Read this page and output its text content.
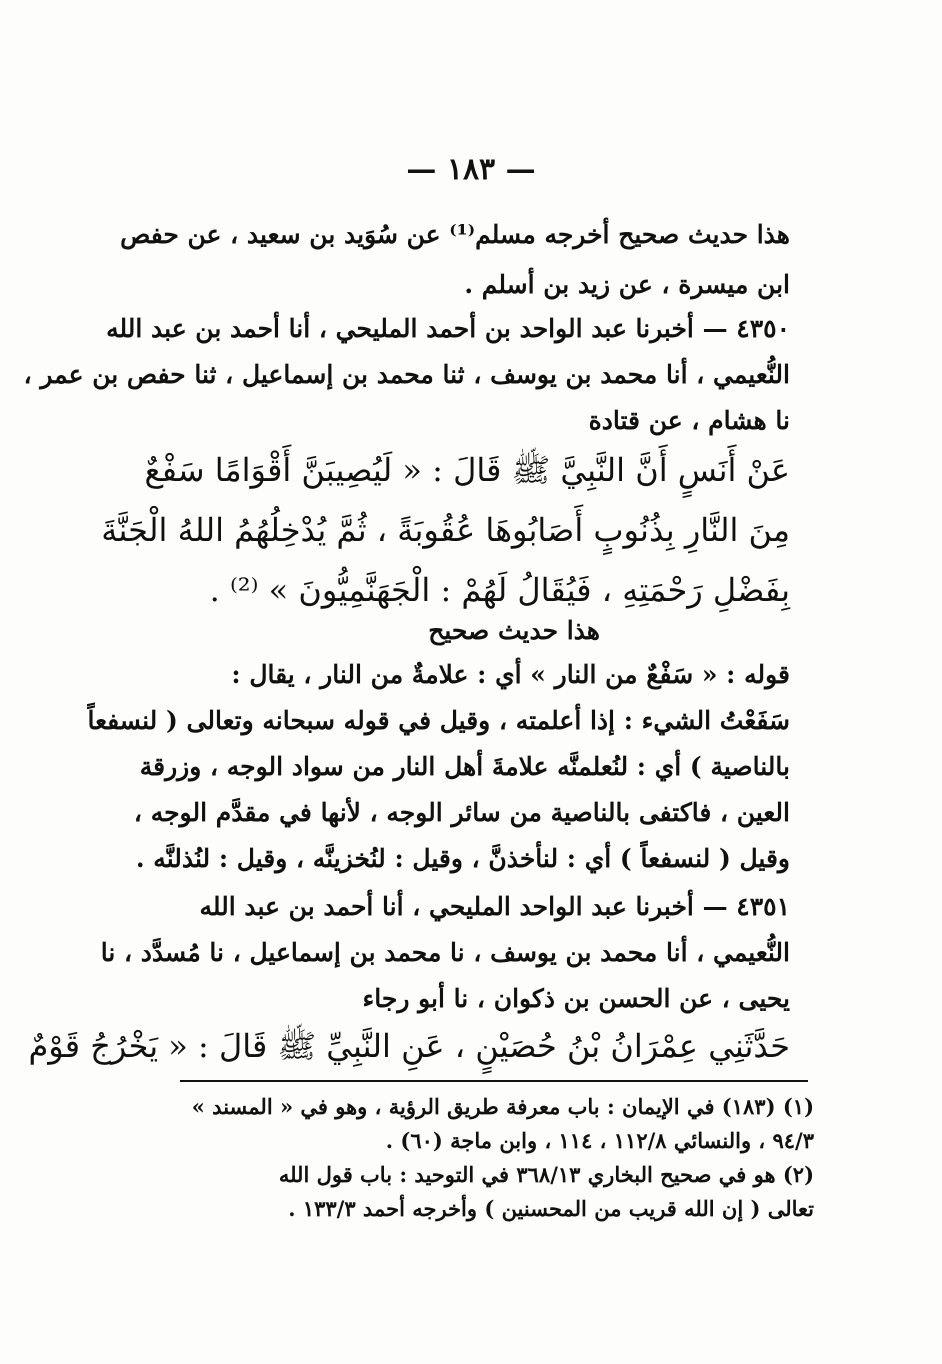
— ١٨٣ —
هذا حديث صحيح أخرجه مسلم⁽¹⁾ عن سُوَيد بن سعيد ، عن حفص
ابن ميسرة ، عن زيد بن أسلم .
٤٣٥٠ — أخبرنا عبد الواحد بن أحمد المليحي ، أنا أحمد بن عبد الله
النُّعيمي ، أنا محمد بن يوسف ، ثنا محمد بن إسماعيل ، ثنا حفص بن عمر ،
نا هشام ، عن قتادة
عَنْ أَنَسٍ أَنَّ النَّبِيَّ ﷺ قَالَ : « لَيُصِيبَنَّ أَقْوَامًا سَفْعٌ
مِنَ النَّارِ بِذُنُوبٍ أَصَابُوهَا عُقُوبَةً ، ثُمَّ يُدْخِلُهُمُ اللهُ الْجَنَّةَ
بِفَضْلِ رَحْمَتِهِ ، فَيُقَالُ لَهُمْ : الْجَهَنَّمِيُّونَ » ⁽²⁾ .
هذا حديث صحيح
قوله : « سَفْعٌ من النار » أي : علامةٌ من النار ، يقال :
سَفَعْتُ الشيء : إذا أعلمته ، وقيل في قوله سبحانه وتعالى ( لنسفعاً
بالناصية ) أي : لنُعلمنَّه علامةَ أهل النار من سواد الوجه ، وزرقة
العين ، فاكتفى بالناصية من سائر الوجه ، لأنها في مقدَّم الوجه ،
وقيل ( لنسفعاً ) أي : لنأخذنَّ ، وقيل : لنُخزينَّه ، وقيل : لنُذلنَّه .
٤٣٥١ — أخبرنا عبد الواحد المليحي ، أنا أحمد بن عبد الله
النُّعيمي ، أنا محمد بن يوسف ، نا محمد بن إسماعيل ، نا مُسدَّد ، نا
يحيى ، عن الحسن بن ذكوان ، نا أبو رجاء
حَدَّثَنِي عِمْرَانُ بْنُ حُصَيْنٍ ، عَنِ النَّبِيِّ ﷺ قَالَ : « يَخْرُجُ قَوْمٌ
(١) (١٨٣) في الإيمان : باب معرفة طريق الرؤية ، وهو في « المسند »
٩٤/٣ ، والنسائي ١١٢/٨ ، ١١٤ ، وابن ماجة (٦٠) .
(٢) هو في صحيح البخاري ٣٦٨/١٣ في التوحيد : باب قول الله
تعالى ( إن الله قريب من المحسنين ) وأخرجه أحمد ١٣٣/٣ .
